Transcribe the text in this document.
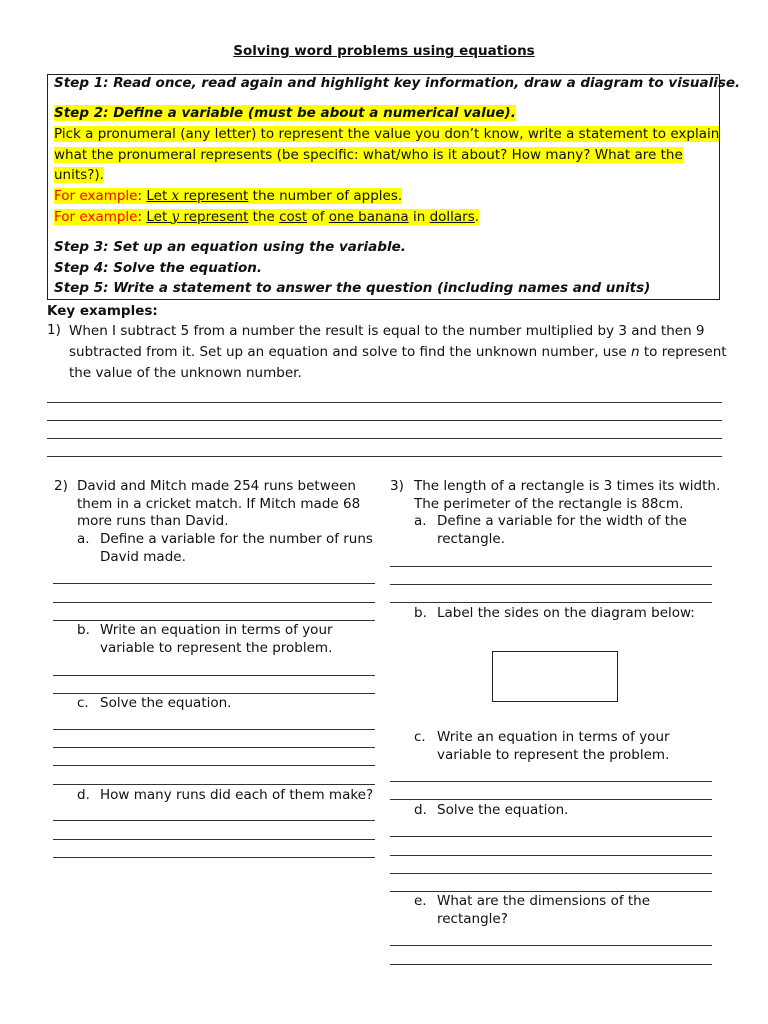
Solving word problems using equations
Step 1: Read once, read again and highlight key information, draw a diagram to visualise.
Step 2: Define a variable (must be about a numerical value).
Pick a pronumeral (any letter) to represent the value you don’t know, write a statement to explain
what the pronumeral represents (be specific: what/who is it about? How many? What are the
units?).
For example: Let x represent the number of apples.
For example: Let y represent the cost of one banana in dollars.
Step 3: Set up an equation using the variable.
Step 4: Solve the equation.
Step 5: Write a statement to answer the question (including names and units)
Key examples:
1) When I subtract 5 from a number the result is equal to the number multiplied by 3 and then 9
subtracted from it. Set up an equation and solve to find the unknown number, use n to represent
the value of the unknown number.
2) David and Mitch made 254 runs between
them in a cricket match. If Mitch made 68
more runs than David.
a. Define a variable for the number of runs
David made.
b. Write an equation in terms of your
variable to represent the problem.
c. Solve the equation.
d. How many runs did each of them make?
3) The length of a rectangle is 3 times its width.
The perimeter of the rectangle is 88cm.
a. Define a variable for the width of the
rectangle.
b. Label the sides on the diagram below:
c. Write an equation in terms of your
variable to represent the problem.
d. Solve the equation.
e. What are the dimensions of the
rectangle?
